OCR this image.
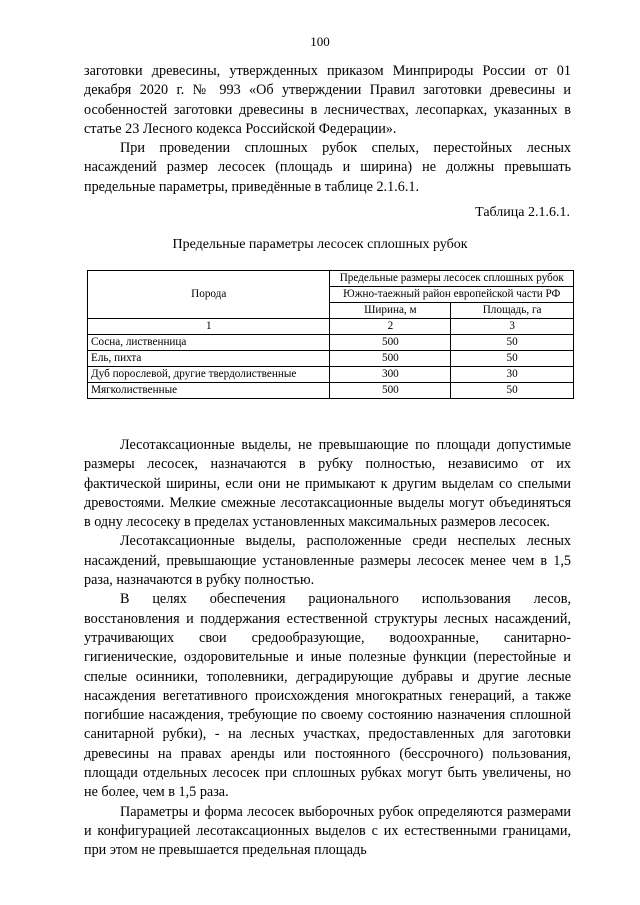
100

заготовки древесины, утвержденных приказом Минприроды России от 01 декабря 2020 г. № 993 «Об утверждении Правил заготовки древесины и особенностей заготовки древесины в лесничествах, лесопарках, указанных в статье 23 Лесного кодекса Российской Федерации».

При проведении сплошных рубок спелых, перестойных лесных насаждений размер лесосек (площадь и ширина) не должны превышать предельные параметры, приведённые в таблице 2.1.6.1.

Таблица 2.1.6.1.
Предельные параметры лесосек сплошных рубок
Порода	Предельные размеры лесосек сплошных рубок	
	Южно-таежный район европейской части РФ	
	Ширина, м	Площадь, га
1	2	3
Сосна, лиственница	500	50
Ель, пихта	500	50
Дуб порослевой, другие твердолиственные	300	30
Мягколиственные	500	50

Лесотаксационные выделы, не превышающие по площади допустимые размеры лесосек, назначаются в рубку полностью, независимо от их фактической ширины, если они не примыкают к другим выделам со спелыми древостоями. Мелкие смежные лесотаксационные выделы могут объединяться в одну лесосеку в пределах установленных максимальных размеров лесосек.

Лесотаксационные выделы, расположенные среди неспелых лесных насаждений, превышающие установленные размеры лесосек менее чем в 1,5 раза, назначаются в рубку полностью.

В целях обеспечения рационального использования лесов, восстановления и поддержания естественной структуры лесных насаждений, утрачивающих свои средообразующие, водоохранные, санитарно-гигиенические, оздоровительные и иные полезные функции (перестойные и спелые осинники, тополевники, деградирующие дубравы и другие лесные насаждения вегетативного происхождения многократных генераций, а также погибшие насаждения, требующие по своему состоянию назначения сплошной санитарной рубки), - на лесных участках, предоставленных для заготовки древесины на правах аренды или постоянного (бессрочного) пользования, площади отдельных лесосек при сплошных рубках могут быть увеличены, но не более, чем в 1,5 раза.

Параметры и форма лесосек выборочных рубок определяются размерами и конфигурацией лесотаксационных выделов с их естественными границами, при этом не превышается предельная площадь
